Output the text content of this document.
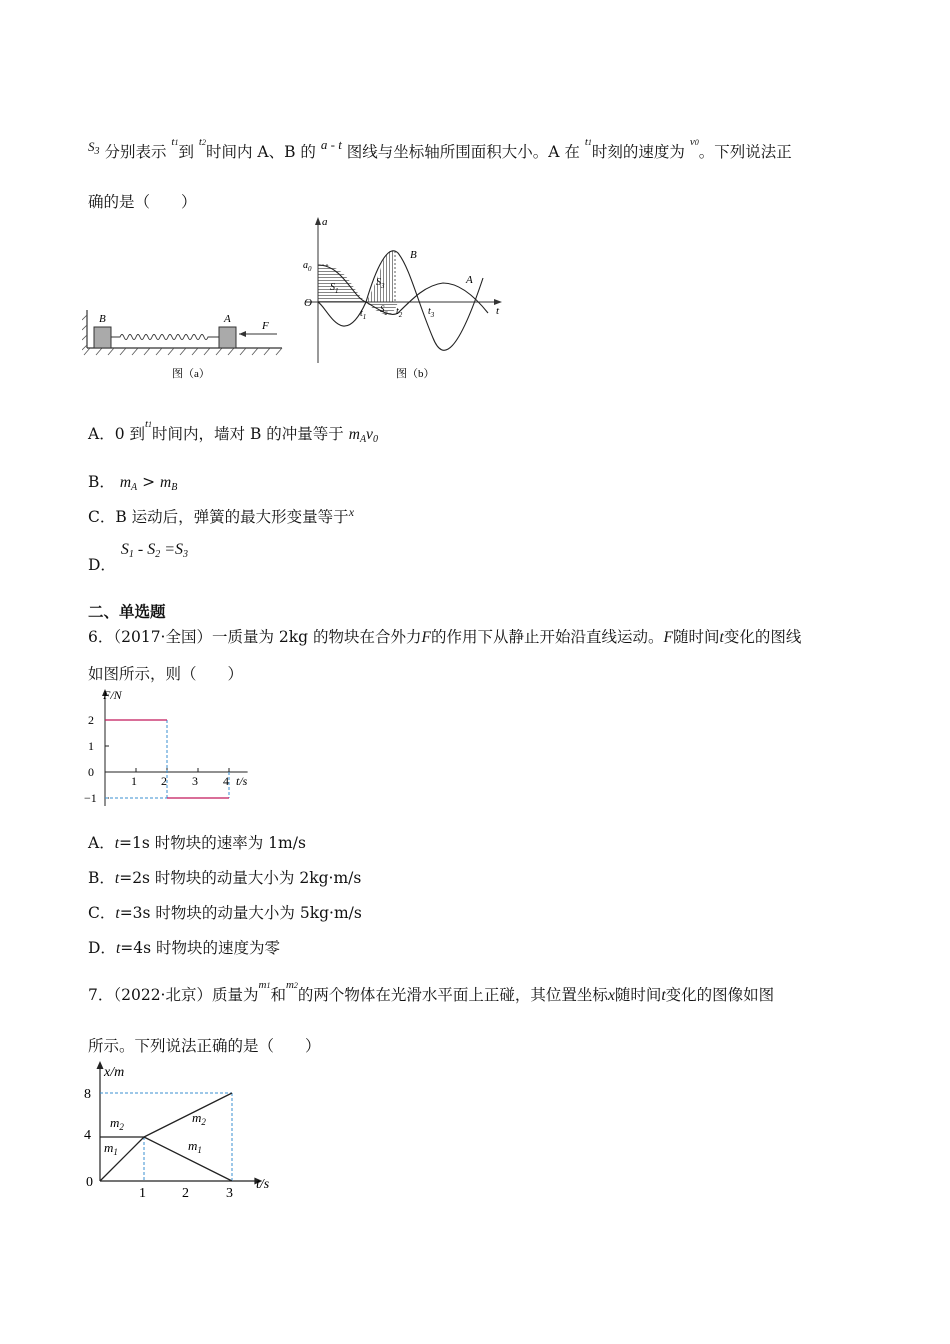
$^{S_3}$ 分别表示 $^{t1}$到 $^{t2}$时间内 A、B 的 $^{a - t}$ 图线与坐标轴所围面积大小。A 在 $^{t1}$时刻的速度为 $^{v0}$。下列说法正
确的是（　　）
B	A
F
图（a）
a
t
O
$a_0$
$S_1$
$S_3$
$S_2$
$t_1$	$t_2$	$t_3$
B
A
图（b）
A．0 到$^{t1}$时间内，墙对 B 的冲量等于 $m_Av_0$
B． $m_A > m_B$
C．B 运动后，弹簧的最大形变量等于$^x$
D． $S_1 - S_2 =S_3$
二、单选题
6．（2017·全国）一质量为 2kg 的物块在合外力F的作用下从静止开始沿直线运动。F随时间t变化的图线
如图所示，则（　　）
F/N
t/s
2
1
0
−1
1 2 3 4
A．t=1s 时物块的速率为 1m/s
B．t=2s 时物块的动量大小为 2kg·m/s
C．t=3s 时物块的动量大小为 5kg·m/s
D．t=4s 时物块的速度为零
7．（2022·北京）质量为$^{m1}$和$^{m2}$的两个物体在光滑水平面上正碰，其位置坐标x随时间t变化的图像如图
所示。下列说法正确的是（　　）
x/m
t/s
8
4
0
1	2	3
$m_2$
$m_1$
$m_2$
$m_1$
